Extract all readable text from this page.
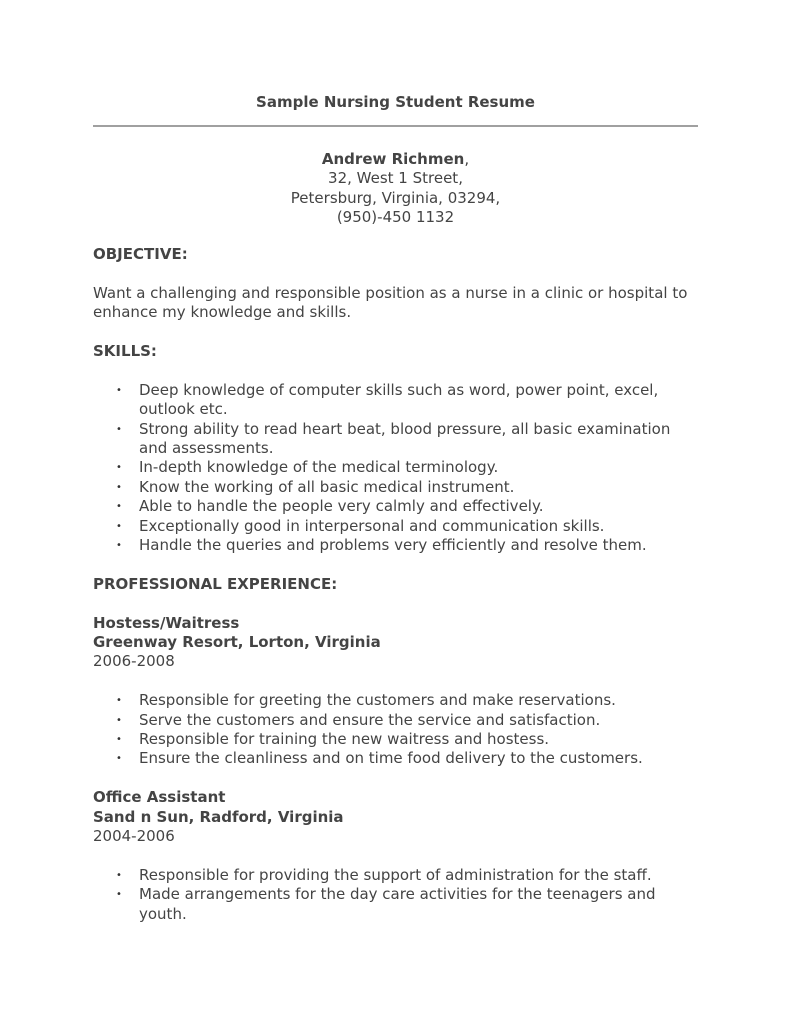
Sample Nursing Student Resume
Andrew Richmen,
32, West 1 Street,
Petersburg, Virginia, 03294,
(950)-450 1132
OBJECTIVE:

Want a challenging and responsible position as a nurse in a clinic or hospital to enhance my knowledge and skills.

SKILLS:
• Deep knowledge of computer skills such as word, power point, excel, outlook etc.
• Strong ability to read heart beat, blood pressure, all basic examination and assessments.
• In-depth knowledge of the medical terminology.
• Know the working of all basic medical instrument.
• Able to handle the people very calmly and effectively.
• Exceptionally good in interpersonal and communication skills.
• Handle the queries and problems very efficiently and resolve them.
PROFESSIONAL EXPERIENCE:
Hostess/Waitress
Greenway Resort, Lorton, Virginia
2006-2008
• Responsible for greeting the customers and make reservations.
• Serve the customers and ensure the service and satisfaction.
• Responsible for training the new waitress and hostess.
• Ensure the cleanliness and on time food delivery to the customers.
Office Assistant
Sand n Sun, Radford, Virginia
2004-2006
• Responsible for providing the support of administration for the staff.
• Made arrangements for the day care activities for the teenagers and youth.
